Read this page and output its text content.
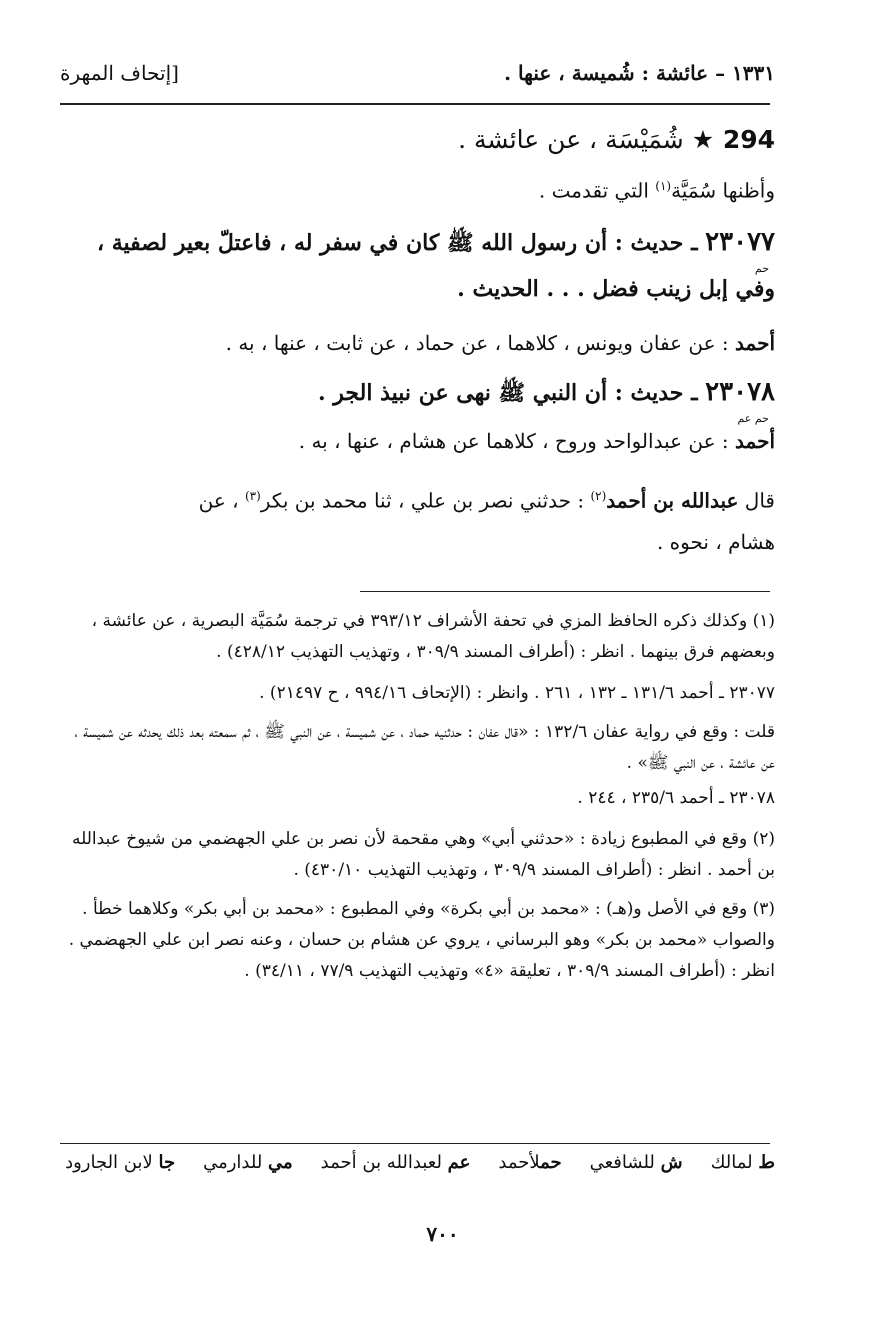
١٣٣١ – عائشة : شُميسة ، عنها .
[إتحاف المهرة
294 ★ شُمَيْسَة ، عن عائشة .
وأظنها سُمَيَّة$^{(١)}$ التي تقدمت .
٢٣٠٧٧ ـ حديث : أن رسول الله ﷺ كان في سفر له ، فاعتلّ بعير لصفية ،
حم
وفي إبل زينب فضل . . . الحديث .
أحمد : عن عفان ويونس ، كلاهما ، عن حماد ، عن ثابت ، عنها ، به .
٢٣٠٧٨ ـ حديث : أن النبي ﷺ نهى عن نبيذ الجر .
حم عم
أحمد : عن عبدالواحد وروح ، كلاهما عن هشام ، عنها ، به .
قال عبدالله بن أحمد$^{(٢)}$ : حدثني نصر بن علي ، ثنا محمد بن بكر$^{(٣)}$ ، عن
هشام ، نحوه .
(١) وكذلك ذكره الحافظ المزي في تحفة الأشراف ٣٩٣/١٢ في ترجمة سُمَيَّة البصرية ، عن عائشة ، وبعضهم فرق بينهما . انظر : (أطراف المسند ٣٠٩/٩ ، وتهذيب التهذيب ٤٢٨/١٢) .
٢٣٠٧٧ ـ أحمد ١٣١/٦ ـ ١٣٢ ، ٢٦١ . وانظر : (الإتحاف ٩٩٤/١٦ ، ح ٢١٤٩٧) .
قلت : وقع في رواية عفان ١٣٢/٦ : «قال عفان : حدثنيه حماد ، عن شميسة ، عن النبي ﷺ ، ثم سمعته بعد ذلك يحدثه عن شميسة ، عن عائشة ، عن النبي ﷺ» .
٢٣٠٧٨ ـ أحمد ٢٣٥/٦ ، ٢٤٤ .
(٢) وقع في المطبوع زيادة : «حدثني أبي» وهي مقحمة لأن نصر بن علي الجهضمي من شيوخ عبدالله بن أحمد . انظر : (أطراف المسند ٣٠٩/٩ ، وتهذيب التهذيب ٤٣٠/١٠) .
(٣) وقع في الأصل و(هـ) : «محمد بن أبي بكرة» وفي المطبوع : «محمد بن أبي بكر» وكلاهما خطأ . والصواب «محمد بن بكر» وهو البرساني ، يروي عن هشام بن حسان ، وعنه نصر ابن علي الجهضمي . انظر : (أطراف المسند ٣٠٩/٩ ، تعليقة «٤» وتهذيب التهذيب ٧٧/٩ ، ٣٤/١١) .
ط لمالك
ش للشافعي
حملأحمد
عم لعبدالله بن أحمد
مي للدارمي
جا لابن الجارود
٧٠٠
